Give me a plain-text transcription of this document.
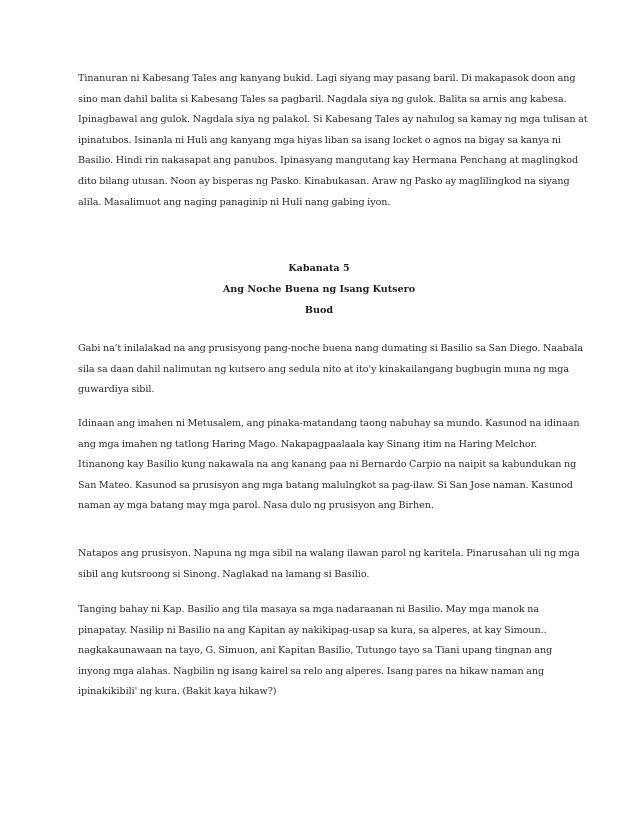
Tinanuran ni Kabesang Tales ang kanyang bukid. Lagi siyang may pasang baril. Di makapasok doon ang
sino man dahil balita si Kabesang Tales sa pagbaril. Nagdala siya ng gulok. Balita sa arnis ang kabesa.
Ipinagbawal ang gulok. Nagdala siya ng palakol. Si Kabesang Tales ay nahulog sa kamay ng mga tulisan at
ipinatubos. Isinanla ni Huli ang kanyang mga hiyas liban sa isang locket o agnos na bigay sa kanya ni
Basilio. Hindi rin nakasapat ang panubos. Ipinasyang mangutang kay Hermana Penchang at maglingkod
dito bilang utusan. Noon ay bisperas ng Pasko. Kinabukasan. Araw ng Pasko ay maglilingkod na siyang
alila. Masalimuot ang naging panaginip ni Huli nang gabing iyon.
Kabanata 5
Ang Noche Buena ng Isang Kutsero
Buod
Gabi na't inilalakad na ang prusisyong pang-noche buena nang dumating si Basilio sa San Diego. Naabala
sila sa daan dahil nalimutan ng kutsero ang sedula nito at ito'y kinakailangang bugbugin muna ng mga
guwardiya sibil.
Idinaan ang imahen ni Metusalem, ang pinaka-matandang taong nabuhay sa mundo. Kasunod na idinaan
ang mga imahen ng tatlong Haring Mago. Nakapagpaalaala kay Sinang itim na Haring Melchor.
Itinanong kay Basilio kung nakawala na ang kanang paa ni Bernardo Carpio na naipit sa kabundukan ng
San Mateo. Kasunod sa prusisyon ang mga batang malulngkot sa pag-ilaw. Si San Jose naman. Kasunod
naman ay mga batang may mga parol. Nasa dulo ng prusisyon ang Birhen.
Natapos ang prusisyon. Napuna ng mga sibil na walang ilawan parol ng karitela. Pinarusahan uli ng mga
sibil ang kutsroong si Sinong. Naglakad na lamang si Basilio.
Tanging bahay ni Kap. Basilio ang tila masaya sa mga nadaraanan ni Basilio. May mga manok na
pinapatay. Nasilip ni Basilio na ang Kapitan ay nakikipag-usap sa kura, sa alperes, at kay Simoun..
nagkakaunawaan na tayo, G. Simuon, ani Kapitan Basilio, Tutungo tayo sa Tiani upang tingnan ang
inyong mga alahas. Nagbilin ng isang kairel sa relo ang alperes. Isang pares na hikaw naman ang
ipinakikibili' ng kura. (Bakit kaya hikaw?)
